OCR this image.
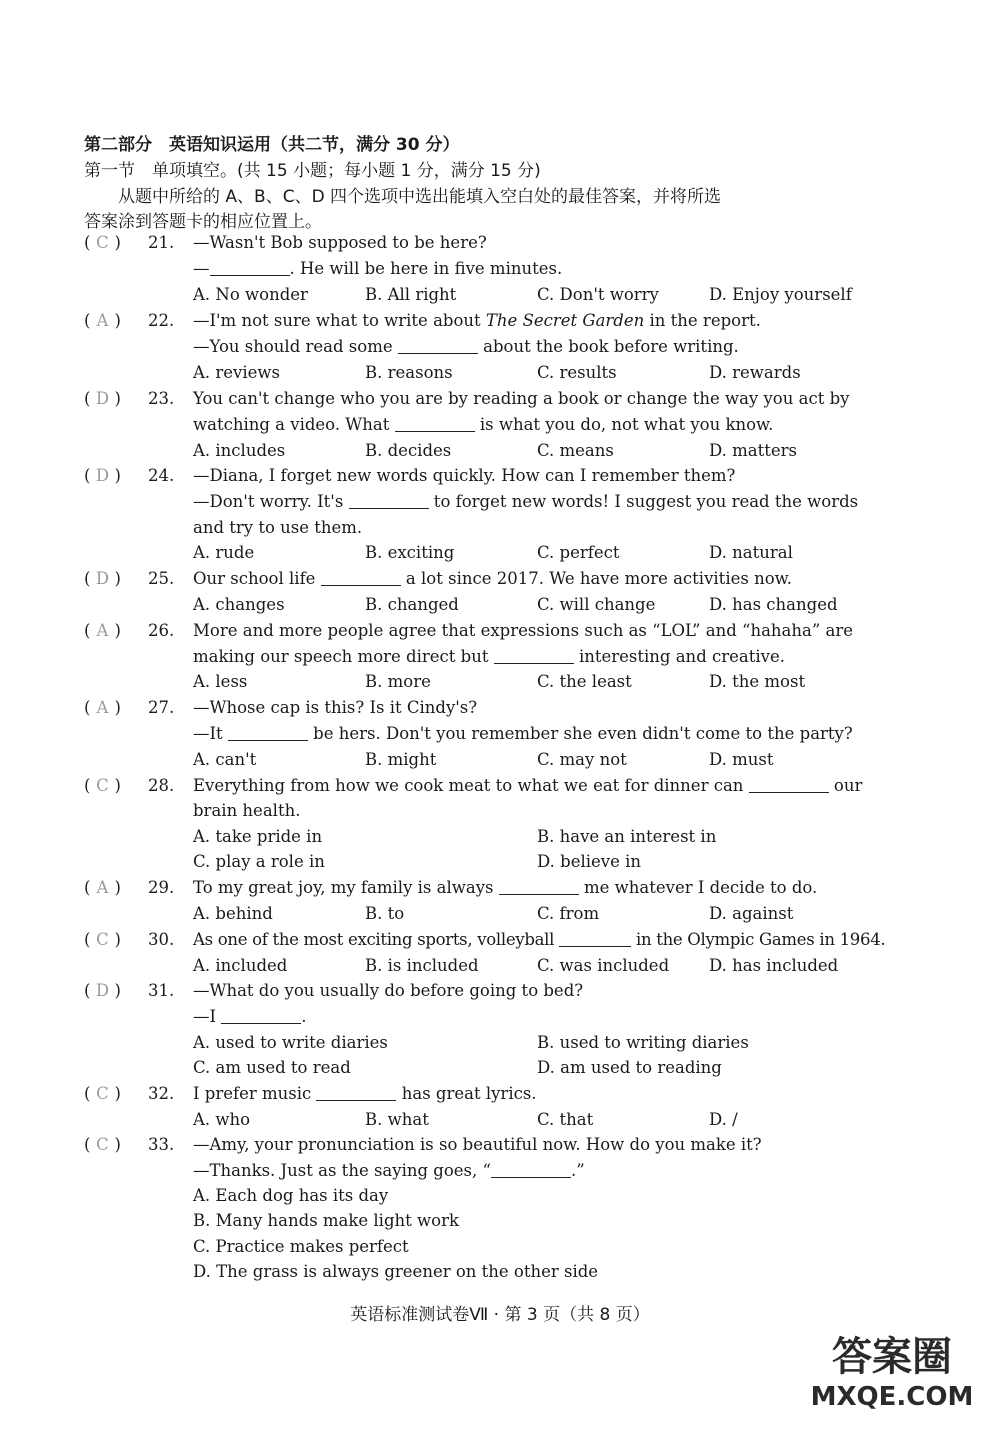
第二部分　英语知识运用（共二节，满分 30 分）
第一节　单项填空。(共 15 小题；每小题 1 分，满分 15 分)
从题中所给的 A、B、C、D 四个选项中选出能填入空白处的最佳答案，并将所选
答案涂到答题卡的相应位置上。
( C ) 21. —Wasn't Bob supposed to be here?
—	. He will be here in five minutes.
A. No wonder	B. All right	C. Don't worry	D. Enjoy yourself
( A ) 22. —I'm not sure what to write about The Secret Garden in the report.
—You should read some	about the book before writing.
A. reviews	B. reasons	C. results	D. rewards
( D ) 23. You can't change who you are by reading a book or change the way you act by
watching a video. What	is what you do, not what you know.
A. includes	B. decides	C. means	D. matters
( D ) 24. —Diana, I forget new words quickly. How can I remember them?
—Don't worry. It's	to forget new words! I suggest you read the words
and try to use them.
A. rude	B. exciting	C. perfect	D. natural
( D ) 25. Our school life	a lot since 2017. We have more activities now.
A. changes	B. changed	C. will change	D. has changed
( A ) 26. More and more people agree that expressions such as “LOL” and “hahaha” are
making our speech more direct but	interesting and creative.
A. less	B. more	C. the least	D. the most
( A ) 27. —Whose cap is this? Is it Cindy's?
—It	be hers. Don't you remember she even didn't come to the party?
A. can't	B. might	C. may not	D. must
( C ) 28. Everything from how we cook meat to what we eat for dinner can	our
brain health.
A. take pride in	B. have an interest in
C. play a role in	D. believe in
( A ) 29. To my great joy, my family is always	me whatever I decide to do.
A. behind	B. to	C. from	D. against
( C ) 30. As one of the most exciting sports, volleyball	in the Olympic Games in 1964.
A. included	B. is included	C. was included D. has included
( D ) 31. —What do you usually do before going to bed?
—I	.
A. used to write diaries	B. used to writing diaries
C. am used to read	D. am used to reading
( C ) 32. I prefer music	has great lyrics.
A. who	B. what	C. that	D. /
( C ) 33. —Amy, your pronunciation is so beautiful now. How do you make it?
—Thanks. Just as the saying goes, “	.”
A. Each dog has its day
B. Many hands make light work
C. Practice makes perfect
D. The grass is always greener on the other side
英语标准测试卷Ⅶ · 第 3 页（共 8 页）
答案圈
MXQE.COM
